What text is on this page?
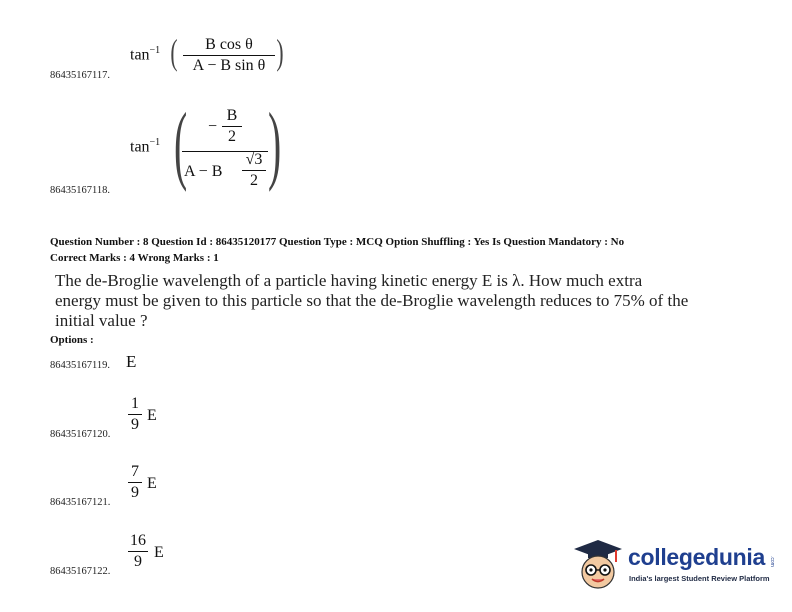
$\tan^{-1}$ ( B cos θ
A − B sin θ )
86435167117.
$\tan^{-1}$ ( −
B
2
A − B
√3
2 )
86435167118.
Question Number : 8 Question Id : 86435120177 Question Type : MCQ Option Shuffling : Yes Is Question Mandatory : No
Correct Marks : 4 Wrong Marks : 1
The de-Broglie wavelength of a particle having kinetic energy E is λ. How much extra
energy must be given to this particle so that the de-Broglie wavelength reduces to 75% of the
initial value ?
Options :
86435167119. E
1
9
E
86435167120.
7
9
E
86435167121.
16
9
E
86435167122.
collegedunia .com
India's largest Student Review Platform
